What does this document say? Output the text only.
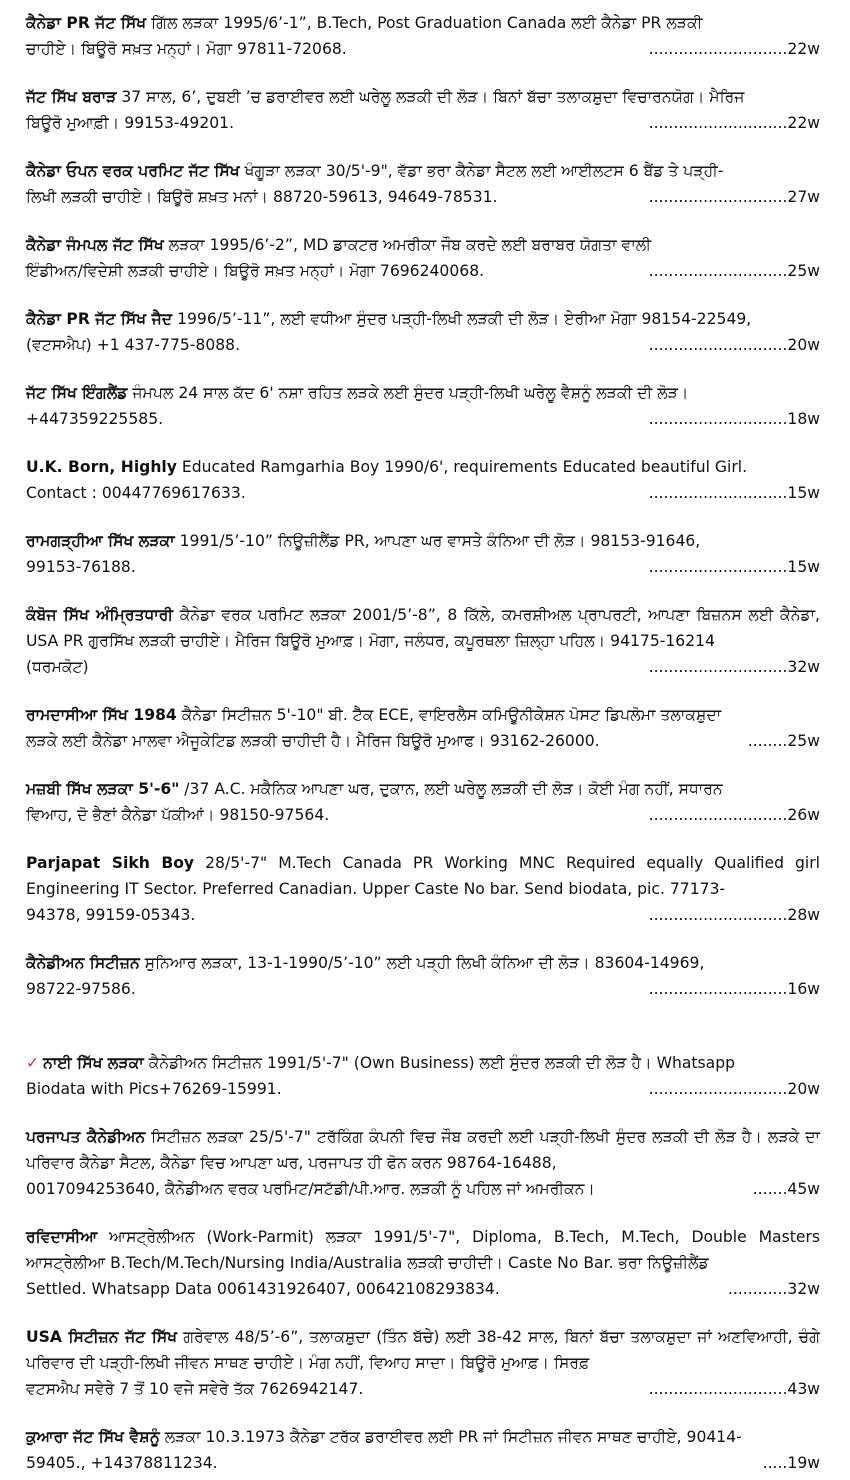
ਕੈਨੇਡਾ PR ਜੱਟ ਸਿੱਖ ਗਿੱਲ ਲੜਕਾ 1995/6’-1”, B.Tech, Post Graduation Canada ਲਈ ਕੈਨੇਡਾ PR ਲੜਕੀ
ਚਾਹੀਏ। ਬਿਊਰੋ ਸਖ਼ਤ ਮਨ੍ਹਾਂ। ਮੋਗਾ 97811-72068.	............................22w
ਜੱਟ ਸਿੱਖ ਬਰਾੜ 37 ਸਾਲ, 6’, ਦੁਬਈ ’ਚ ਡਰਾਈਵਰ ਲਈ ਘਰੇਲੂ ਲੜਕੀ ਦੀ ਲੋੜ। ਬਿਨਾਂ ਬੱਚਾ ਤਲਾਕਸ਼ੁਦਾ ਵਿਚਾਰਨਯੋਗ। ਮੈਰਿਜ
ਬਿਊਰੋ ਮੁਆਫ਼ੀ। 99153-49201.	............................22w
ਕੈਨੇਡਾ ਓਪਨ ਵਰਕ ਪਰਮਿਟ ਜੱਟ ਸਿੱਖ ਖੰਗੂੜਾ ਲੜਕਾ 30/5'-9", ਵੱਡਾ ਭਰਾ ਕੈਨੇਡਾ ਸੈਟਲ ਲਈ ਆਈਲਟਸ 6 ਬੈਂਡ ਤੇ ਪੜ੍ਹੀ-
ਲਿਖੀ ਲੜਕੀ ਚਾਹੀਏ। ਬਿਊਰੋ ਸ਼ਖ਼ਤ ਮਨਾਂ। 88720-59613, 94649-78531.	............................27w
ਕੈਨੇਡਾ ਜੰਮਪਲ ਜੱਟ ਸਿੱਖ ਲੜਕਾ 1995/6’-2”, MD ਡਾਕਟਰ ਅਮਰੀਕਾ ਜੌਬ ਕਰਦੇ ਲਈ ਬਰਾਬਰ ਯੋਗਤਾ ਵਾਲੀ
ਇੰਡੀਅਨ/ਵਿਦੇਸ਼ੀ ਲੜਕੀ ਚਾਹੀਏ। ਬਿਊਰੋ ਸਖ਼ਤ ਮਨ੍ਹਾਂ। ਮੋਗਾ 7696240068.	............................25w
ਕੈਨੇਡਾ PR ਜੱਟ ਸਿੱਖ ਜੈਦ 1996/5’-11”, ਲਈ ਵਧੀਆ ਸੁੰਦਰ ਪੜ੍ਹੀ-ਲਿਖੀ ਲੜਕੀ ਦੀ ਲੋੜ। ਏਰੀਆ ਮੋਗਾ 98154-22549,
(ਵਟਸਐਪ) +1 437-775-8088.	............................20w
ਜੱਟ ਸਿੱਖ ਇੰਗਲੈਂਡ ਜੰਮਪਲ 24 ਸਾਲ ਕੱਦ 6' ਨਸ਼ਾ ਰਹਿਤ ਲੜਕੇ ਲਈ ਸੁੰਦਰ ਪੜ੍ਹੀ-ਲਿਖੀ ਘਰੇਲੂ ਵੈਸ਼ਨੂੰ ਲੜਕੀ ਦੀ ਲੋੜ।
+447359225585.	............................18w
U.K. Born, Highly Educated Ramgarhia Boy 1990/6', requirements Educated beautiful Girl.
Contact : 00447769617633.	............................15w
ਰਾਮਗੜ੍ਹੀਆ ਸਿੱਖ ਲੜਕਾ 1991/5’-10” ਨਿਊਜ਼ੀਲੈਂਡ PR, ਆਪਣਾ ਘਰ ਵਾਸਤੇ ਕੰਨਿਆ ਦੀ ਲੋੜ। 98153-91646,
99153-76188.	............................15w
ਕੰਬੋਜ ਸਿੱਖ ਅੰਮ੍ਰਿਤਧਾਰੀ ਕੈਨੇਡਾ ਵਰਕ ਪਰਮਿਟ ਲੜਕਾ 2001/5’-8”, 8 ਕਿੱਲੇ, ਕਮਰਸ਼ੀਅਲ ਪ੍ਰਾਪਰਟੀ, ਆਪਣਾ ਬਿਜ਼ਨਸ ਲਈ ਕੈਨੇਡਾ, USA PR ਗੁਰਸਿੱਖ ਲੜਕੀ ਚਾਹੀਏ। ਮੈਰਿਜ ਬਿਊਰੋ ਮੁਆਫ਼। ਮੋਗਾ, ਜਲੰਧਰ, ਕਪੂਰਥਲਾ ਜ਼ਿਲ੍ਹਾ ਪਹਿਲ। 94175-16214
(ਧਰਮਕੋਟ)	............................32w
ਰਾਮਦਾਸੀਆ ਸਿੱਖ 1984 ਕੈਨੇਡਾ ਸਿਟੀਜ਼ਨ 5'-10" ਬੀ. ਟੈੱਕ ECE, ਵਾਇਰਲੈਸ ਕਮਿਊਨੀਕੇਸ਼ਨ ਪੋਸਟ ਡਿਪਲੋਮਾ ਤਲਾਕਸ਼ੁਦਾ
ਲੜਕੇ ਲਈ ਕੈਨੇਡਾ ਮਾਲਵਾ ਐਜੂਕੇਟਿਡ ਲੜਕੀ ਚਾਹੀਦੀ ਹੈ। ਮੈਰਿਜ ਬਿਊਰੋ ਮੁਆਫ। 93162-26000.	........25w
ਮਜ਼ਬੀ ਸਿੱਖ ਲੜਕਾ 5'-6" /37 A.C. ਮਕੈਨਿਕ ਆਪਣਾ ਘਰ, ਦੁਕਾਨ, ਲਈ ਘਰੇਲੂ ਲੜਕੀ ਦੀ ਲੋੜ। ਕੋਈ ਮੰਗ ਨਹੀਂ, ਸਧਾਰਨ
ਵਿਆਹ, ਦੋ ਭੈਣਾਂ ਕੈਨੇਡਾ ਪੱਕੀਆਂ। 98150-97564.	............................26w
Parjapat Sikh Boy 28/5'-7" M.Tech Canada PR Working MNC Required equally Qualified girl Engineering IT Sector. Preferred Canadian. Upper Caste No bar. Send biodata, pic. 77173-
94378, 99159-05343.	............................28w
ਕੈਨੇਡੀਅਨ ਸਿਟੀਜ਼ਨ ਸੁਨਿਆਰ ਲੜਕਾ, 13-1-1990/5’-10” ਲਈ ਪੜ੍ਹੀ ਲਿਖੀ ਕੰਨਿਆ ਦੀ ਲੋੜ। 83604-14969,
98722-97586.	............................16w
✓ ਨਾਈ ਸਿੱਖ ਲੜਕਾ ਕੈਨੇਡੀਅਨ ਸਿਟੀਜ਼ਨ 1991/5'-7" (Own Business) ਲਈ ਸੁੰਦਰ ਲੜਕੀ ਦੀ ਲੋੜ ਹੈ। Whatsapp
Biodata with Pics+76269-15991.	............................20w
ਪਰਜਾਪਤ ਕੈਨੇਡੀਅਨ ਸਿਟੀਜ਼ਨ ਲੜਕਾ 25/5'-7" ਟਰੱਕਿੰਗ ਕੰਪਨੀ ਵਿਚ ਜੌਬ ਕਰਦੀ ਲਈ ਪੜ੍ਹੀ-ਲਿਖੀ ਸੁੰਦਰ ਲੜਕੀ ਦੀ ਲੋੜ ਹੈ। ਲੜਕੇ ਦਾ ਪਰਿਵਾਰ ਕੈਨੇਡਾ ਸੈਟਲ, ਕੈਨੇਡਾ ਵਿਚ ਆਪਣਾ ਘਰ, ਪਰਜਾਪਤ ਹੀ ਫੋਨ ਕਰਨ 98764-16488,
0017094253640, ਕੈਨੇਡੀਅਨ ਵਰਕ ਪਰਮਿਟ/ਸਟੱਡੀ/ਪੀ.ਆਰ. ਲੜਕੀ ਨੂੰ ਪਹਿਲ ਜਾਂ ਅਮਰੀਕਨ।	.......45w
ਰਵਿਦਾਸੀਆ ਆਸਟ੍ਰੇਲੀਅਨ (Work-Parmit) ਲੜਕਾ 1991/5'-7", Diploma, B.Tech, M.Tech, Double Masters ਆਸਟ੍ਰੇਲੀਆ B.Tech/M.Tech/Nursing India/Australia ਲੜਕੀ ਚਾਹੀਦੀ। Caste No Bar. ਭਰਾ ਨਿਊਜ਼ੀਲੈਂਡ
Settled. Whatsapp Data 0061431926407, 00642108293834.	............32w
USA ਸਿਟੀਜ਼ਨ ਜੱਟ ਸਿੱਖ ਗਰੇਵਾਲ 48/5’-6”, ਤਲਾਕਸ਼ੁਦਾ (ਤਿੰਨ ਬੱਚੇ) ਲਈ 38-42 ਸਾਲ, ਬਿਨਾਂ ਬੱਚਾ ਤਲਾਕਸ਼ੁਦਾ ਜਾਂ ਅਣਵਿਆਹੀ, ਚੰਗੇ ਪਰਿਵਾਰ ਦੀ ਪੜ੍ਹੀ-ਲਿਖੀ ਜੀਵਨ ਸਾਥਣ ਚਾਹੀਏ। ਮੰਗ ਨਹੀਂ, ਵਿਆਹ ਸਾਦਾ। ਬਿਊਰੋ ਮੁਆਫ਼। ਸਿਰਫ਼
ਵਟਸਐਪ ਸਵੇਰੇ 7 ਤੋਂ 10 ਵਜੇ ਸਵੇਰੇ ਤੱਕ 7626942147.	............................43w
ਕੁਆਰਾ ਜੱਟ ਸਿੱਖ ਵੈਸ਼ਨੂੰ ਲੜਕਾ 10.3.1973 ਕੈਨੇਡਾ ਟਰੱਕ ਡਰਾਈਵਰ ਲਈ PR ਜਾਂ ਸਿਟੀਜ਼ਨ ਜੀਵਨ ਸਾਥਣ ਚਾਹੀਏ, 90414-
59405., +14378811234.	.....19w
